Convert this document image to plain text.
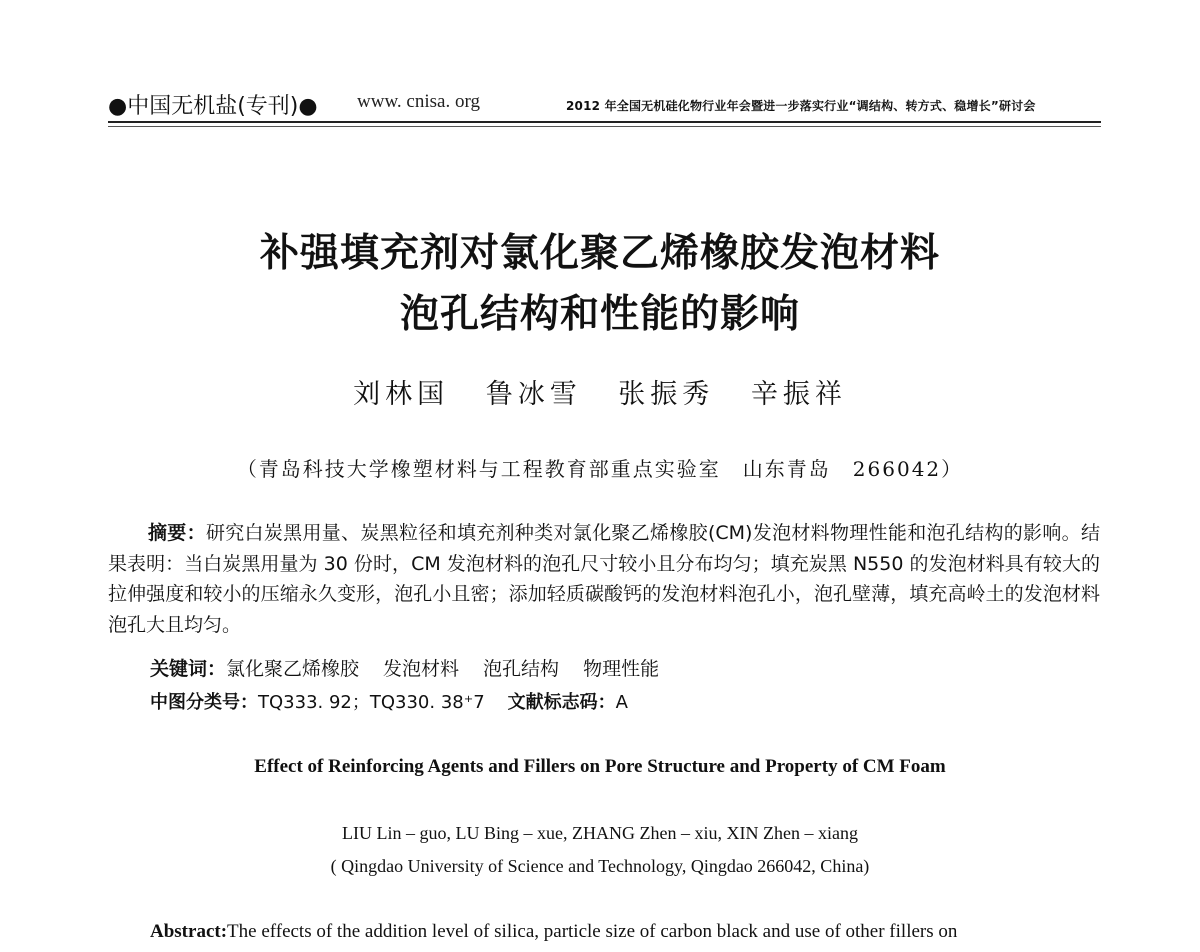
●中国无机盐(专刊)● www. cnisa. org	2012 年全国无机硅化物行业年会暨进一步落实行业“调结构、转方式、稳增长”研讨会
补强填充剂对氯化聚乙烯橡胶发泡材料
泡孔结构和性能的影响
刘林国 鲁冰雪 张振秀 辛振祥
（青岛科技大学橡塑材料与工程教育部重点实验室　山东青岛　266042）
摘要：研究白炭黑用量、炭黑粒径和填充剂种类对氯化聚乙烯橡胶(CM)发泡材料物理性能和泡孔结构的影响。结果表明：当白炭黑用量为 30 份时，CM 发泡材料的泡孔尺寸较小且分布均匀；填充炭黑 N550 的发泡材料具有较大的拉伸强度和较小的压缩永久变形，泡孔小且密；添加轻质碳酸钙的发泡材料泡孔小，泡孔壁薄，填充高岭土的发泡材料泡孔大且均匀。
关键词：氯化聚乙烯橡胶 发泡材料 泡孔结构 物理性能
中图分类号：TQ333. 92；TQ330. 38⁺7 文献标志码：A
Effect of Reinforcing Agents and Fillers on Pore Structure and Property of CM Foam
LIU Lin – guo, LU Bing – xue, ZHANG Zhen – xiu, XIN Zhen – xiang
( Qingdao University of Science and Technology, Qingdao 266042, China)
Abstract:The effects of the addition level of silica, particle size of carbon black and use of other fillers on
